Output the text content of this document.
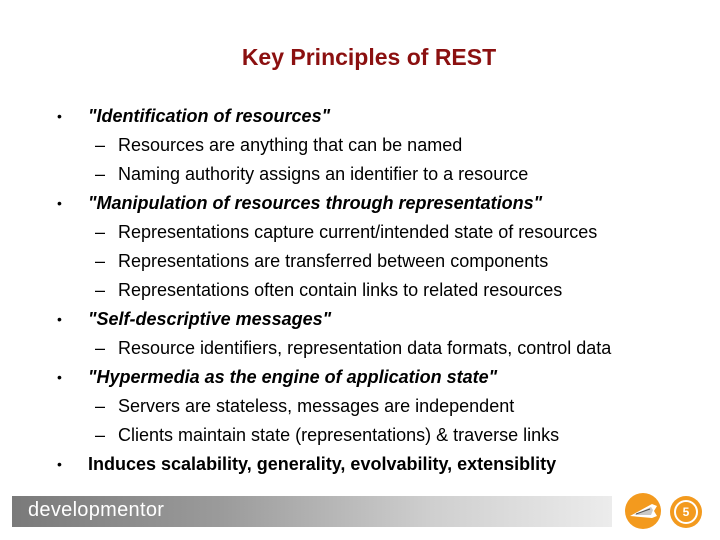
Key Principles of REST
• "Identification of resources"
– Resources are anything that can be named
– Naming authority assigns an identifier to a resource
• "Manipulation of resources through representations"
– Representations capture current/intended state of resources
– Representations are transferred between components
– Representations often contain links to related resources
• "Self-descriptive messages"
– Resource identifiers, representation data formats, control data
• "Hypermedia as the engine of application state"
– Servers are stateless, messages are independent
– Clients maintain state (representations) & traverse links
• Induces scalability, generality, evolvability, extensiblity
developmentor	5
